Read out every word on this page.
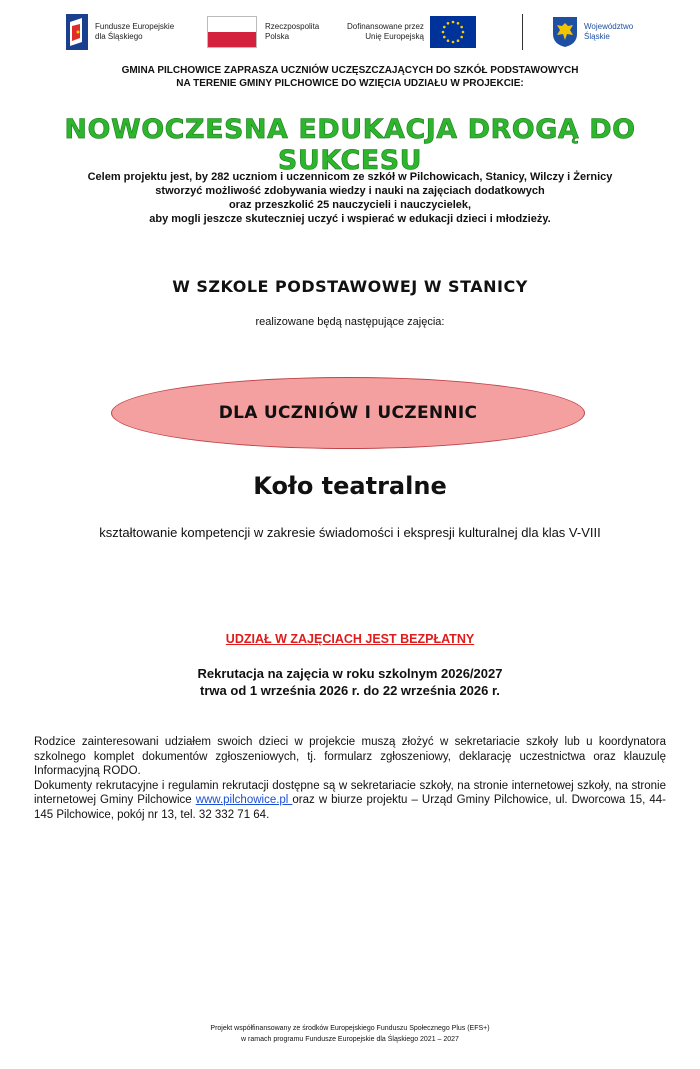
Fundusze Europejskie
dla Śląskiego
Rzeczpospolita
Polska
Dofinansowane przez
Unię Europejską
Województwo
Śląskie
GMINA PILCHOWICE ZAPRASZA UCZNIÓW UCZĘSZCZAJĄCYCH DO SZKÓŁ PODSTAWOWYCH
NA TERENIE GMINY PILCHOWICE DO WZIĘCIA UDZIAŁU W PROJEKCIE:
NOWOCZESNA EDUKACJA DROGĄ DO SUKCESU
Celem projektu jest, by 282 uczniom i uczennicom ze szkół w Pilchowicach, Stanicy, Wilczy i Żernicy
stworzyć możliwość zdobywania wiedzy i nauki na zajęciach dodatkowych
oraz przeszkolić 25 nauczycieli i nauczycielek,
aby mogli jeszcze skuteczniej uczyć i wspierać w edukacji dzieci i młodzieży.
W SZKOLE PODSTAWOWEJ W STANICY
realizowane będą następujące zajęcia:
DLA UCZNIÓW I UCZENNIC
Koło teatralne
kształtowanie kompetencji w zakresie świadomości i ekspresji kulturalnej dla klas V-VIII
UDZIAŁ W ZAJĘCIACH JEST BEZPŁATNY
Rekrutacja na zajęcia w roku szkolnym 2026/2027
trwa od 1 września 2026 r. do 22 września 2026 r.

Rodzice zainteresowani udziałem swoich dzieci w projekcie muszą złożyć w sekretariacie szkoły lub u koordynatora szkolnego komplet dokumentów zgłoszeniowych, tj. formularz zgłoszeniowy, deklarację uczestnictwa oraz klauzulę Informacyjną RODO.

Dokumenty rekrutacyjne i regulamin rekrutacji dostępne są w sekretariacie szkoły, na stronie internetowej szkoły, na stronie internetowej Gminy Pilchowice www.pilchowice.pl oraz w biurze projektu – Urząd Gminy Pilchowice, ul. Dworcowa 15, 44-145 Pilchowice, pokój nr 13, tel. 32 332 71 64.

Projekt współfinansowany ze środków Europejskiego Funduszu Społecznego Plus (EFS+)
w ramach programu Fundusze Europejskie dla Śląskiego 2021 – 2027
